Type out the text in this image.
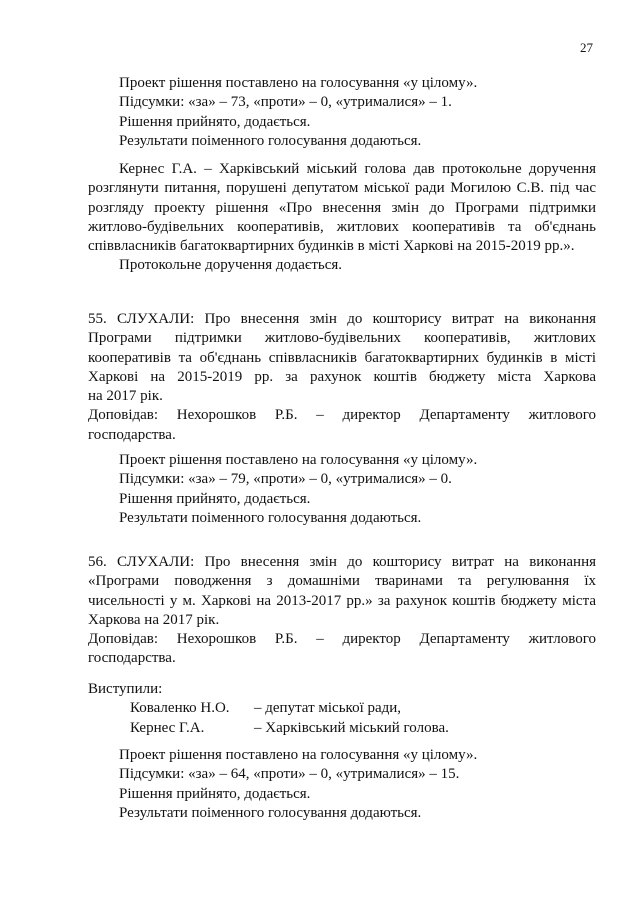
27
Проект рішення поставлено на голосування «у цілому».
Підсумки: «за» – 73, «проти» – 0, «утрималися» – 1.
Рішення прийнято, додається.
Результати поіменного голосування додаються.
Кернес Г.А. – Харківський міський голова дав протокольне доручення
розглянути питання, порушені депутатом міської ради Могилою С.В. під час
розгляду проекту рішення «Про внесення змін до Програми підтримки
житлово-будівельних кооперативів, житлових кооперативів та об'єднань
співвласників багатоквартирних будинків в місті Харкові на 2015-2019 рр.».
Протокольне доручення додається.
55. СЛУХАЛИ: Про внесення змін до кошторису витрат на виконання
Програми підтримки житлово-будівельних кооперативів, житлових
кооперативів та об'єднань співвласників багатоквартирних будинків в місті
Харкові на 2015-2019 рр. за рахунок коштів бюджету міста Харкова
на 2017 рік.
Доповідав: Нехорошков Р.Б. – директор Департаменту житлового
господарства.
Проект рішення поставлено на голосування «у цілому».
Підсумки: «за» – 79, «проти» – 0, «утрималися» – 0.
Рішення прийнято, додається.
Результати поіменного голосування додаються.
56. СЛУХАЛИ: Про внесення змін до кошторису витрат на виконання
«Програми поводження з домашніми тваринами та регулювання їх
чисельності у м. Харкові на 2013-2017 рр.» за рахунок коштів бюджету міста
Харкова на 2017 рік.
Доповідав: Нехорошков Р.Б. – директор Департаменту житлового
господарства.
Виступили:
Коваленко Н.О. – депутат міської ради,
Кернес Г.А.	– Харківський міський голова.
Проект рішення поставлено на голосування «у цілому».
Підсумки: «за» – 64, «проти» – 0, «утрималися» – 15.
Рішення прийнято, додається.
Результати поіменного голосування додаються.
